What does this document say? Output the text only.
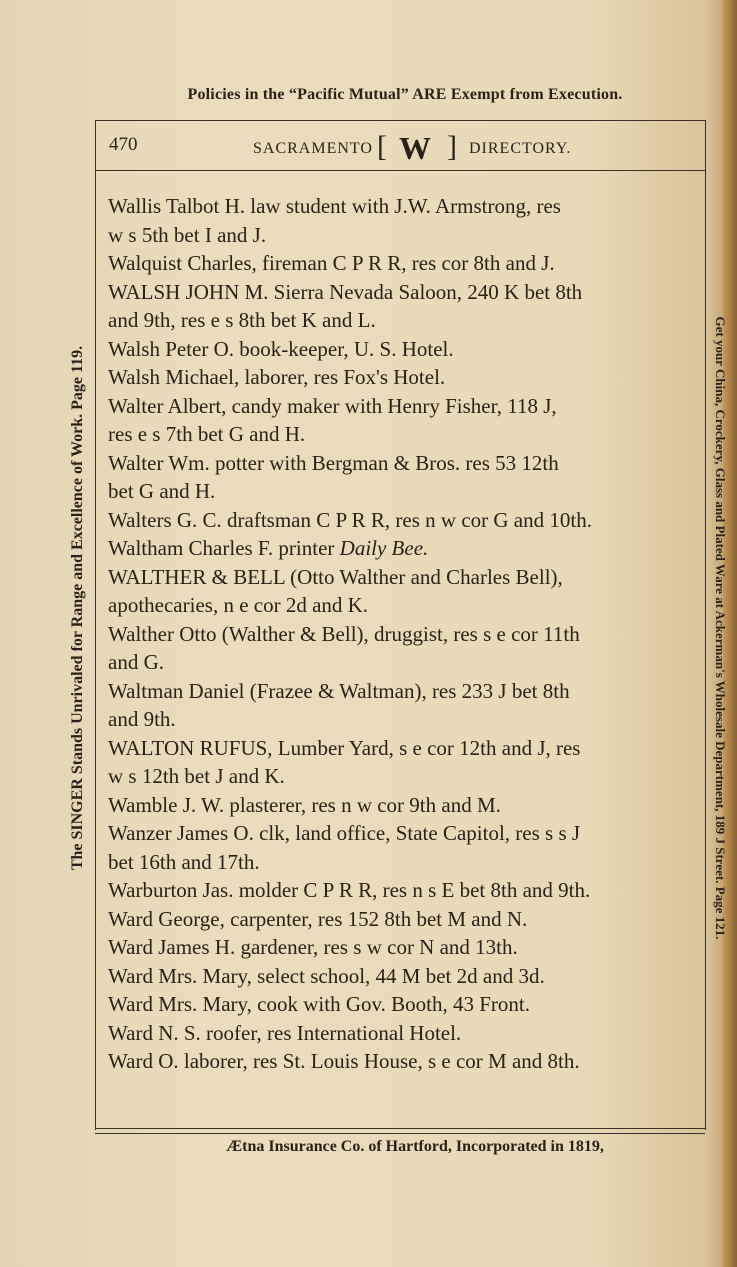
Policies in the “Pacific Mutual” ARE Exempt from Execution.
470	SACRAMENTO [ W ] DIRECTORY.

Wallis Talbot H. law student with J.W. Armstrong, res
w s 5th bet I and J.

Walquist Charles, fireman C P R R, res cor 8th and J.

WALSH JOHN M. Sierra Nevada Saloon, 240 K bet 8th
and 9th, res e s 8th bet K and L.

Walsh Peter O. book-keeper, U. S. Hotel.

Walsh Michael, laborer, res Fox's Hotel.

Walter Albert, candy maker with Henry Fisher, 118 J,
res e s 7th bet G and H.

Walter Wm. potter with Bergman & Bros. res 53 12th
bet G and H.

Walters G. C. draftsman C P R R, res n w cor G and 10th.

Waltham Charles F. printer Daily Bee.

WALTHER & BELL (Otto Walther and Charles Bell),
apothecaries, n e cor 2d and K.

Walther Otto (Walther & Bell), druggist, res s e cor 11th
and G.

Waltman Daniel (Frazee & Waltman), res 233 J bet 8th
and 9th.

WALTON RUFUS, Lumber Yard, s e cor 12th and J, res
w s 12th bet J and K.

Wamble J. W. plasterer, res n w cor 9th and M.

Wanzer James O. clk, land office, State Capitol, res s s J
bet 16th and 17th.

Warburton Jas. molder C P R R, res n s E bet 8th and 9th.

Ward George, carpenter, res 152 8th bet M and N.

Ward James H. gardener, res s w cor N and 13th.

Ward Mrs. Mary, select school, 44 M bet 2d and 3d.

Ward Mrs. Mary, cook with Gov. Booth, 43 Front.

Ward N. S. roofer, res International Hotel.

Ward O. laborer, res St. Louis House, s e cor M and 8th.

Ætna Insurance Co. of Hartford, Incorporated in 1819,
The SINGER Stands Unrivaled for Range and Excellence of Work. Page 119.	Get your China, Crockery, Glass and Plated Ware at Ackerman's Wholesale Department, 189 J Street. Page 121.
